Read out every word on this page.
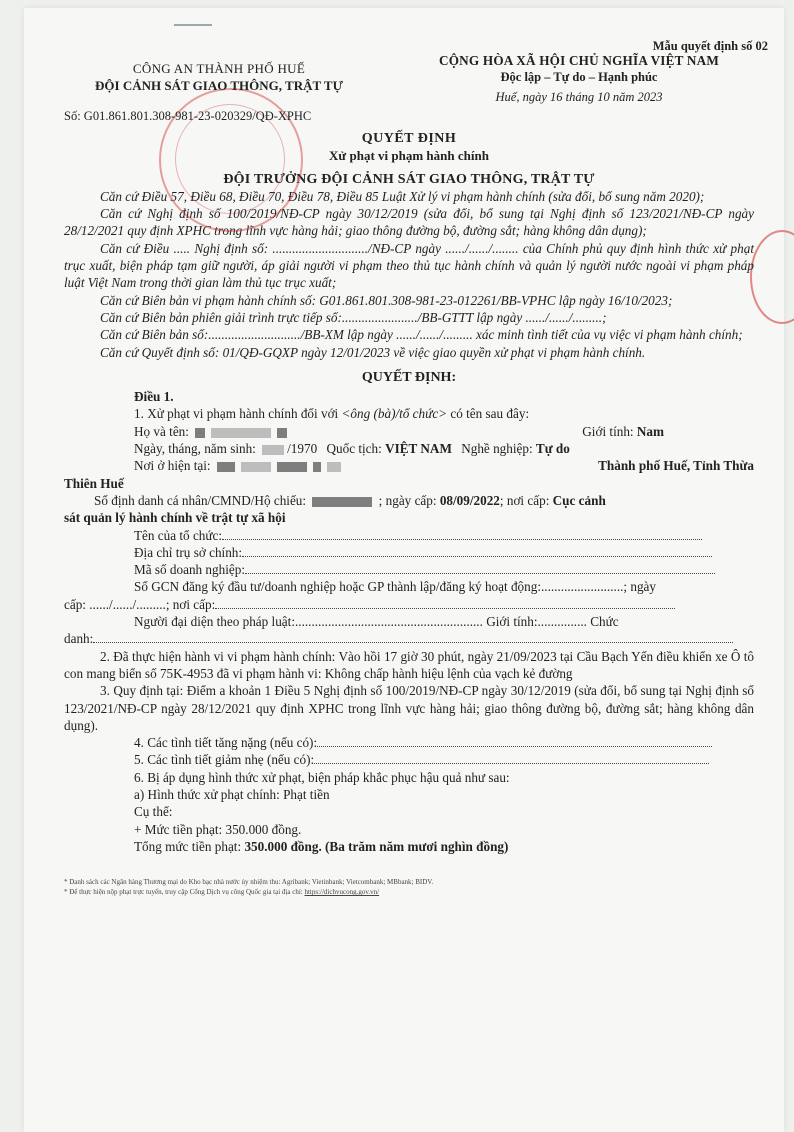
Mẫu quyết định số 02
CÔNG AN THÀNH PHỐ HUẾ
ĐỘI CẢNH SÁT GIAO THÔNG, TRẬT TỰ
Số: G01.861.801.308-981-23-020329/QĐ-XPHC
CỘNG HÒA XÃ HỘI CHỦ NGHĨA VIỆT NAM
Độc lập – Tự do – Hạnh phúc
Huế, ngày 16 tháng 10 năm 2023
QUYẾT ĐỊNH
Xử phạt vi phạm hành chính
ĐỘI TRƯỞNG ĐỘI CẢNH SÁT GIAO THÔNG, TRẬT TỰ
Căn cứ Điều 57, Điều 68, Điều 70, Điều 78, Điều 85 Luật Xử lý vi phạm hành chính (sửa đổi, bổ sung năm 2020);
Căn cứ Nghị định số 100/2019/NĐ-CP ngày 30/12/2019 (sửa đổi, bổ sung tại Nghị định số 123/2021/NĐ-CP ngày 28/12/2021 quy định XPHC trong lĩnh vực hàng hải; giao thông đường bộ, đường sắt; hàng không dân dụng);
Căn cứ Điều ..... Nghị định số: ............................./NĐ-CP ngày ....../....../........ của Chính phủ quy định hình thức xử phạt trục xuất, biện pháp tạm giữ người, áp giải người vi phạm theo thủ tục hành chính và quản lý người nước ngoài vi phạm pháp luật Việt Nam trong thời gian làm thủ tục trục xuất;
Căn cứ Biên bản vi phạm hành chính số: G01.861.801.308-981-23-012261/BB-VPHC lập ngày 16/10/2023;
Căn cứ Biên bản phiên giải trình trực tiếp số:......................./BB-GTTT lập ngày ....../....../.........;
Căn cứ Biên bản số:............................/BB-XM lập ngày ....../....../......... xác minh tình tiết của vụ việc vi phạm hành chính;
Căn cứ Quyết định số: 01/QĐ-GQXP ngày 12/01/2023 về việc giao quyền xử phạt vi phạm hành chính.
QUYẾT ĐỊNH:
Điều 1.
1. Xử phạt vi phạm hành chính đối với <ông (bà)/tổ chức> có tên sau đây:
Họ và tên:	Giới tính: Nam
Ngày, tháng, năm sinh: /1970 Quốc tịch: VIỆT NAM Nghề nghiệp: Tự do
Nơi ở hiện tại:	Thành phố Huế, Tỉnh Thừa
Thiên Huế
Số định danh cá nhân/CMND/Hộ chiếu:	; ngày cấp: 08/09/2022; nơi cấp: Cục cảnh
sát quản lý hành chính về trật tự xã hội
Tên của tổ chức:
Địa chỉ trụ sở chính:
Mã số doanh nghiệp:
Số GCN đăng ký đầu tư/doanh nghiệp hoặc GP thành lập/đăng ký hoạt động:.........................; ngày
cấp: ....../....../.........; nơi cấp:
Người đại diện theo pháp luật:......................................................... Giới tính:............... Chức
danh:
2. Đã thực hiện hành vi vi phạm hành chính: Vào hồi 17 giờ 30 phút, ngày 21/09/2023 tại Cầu Bạch Yến điều khiển xe Ô tô con mang biển số 75K-4953 đã vi phạm hành vi: Không chấp hành hiệu lệnh của vạch kẻ đường
3. Quy định tại: Điểm a khoản 1 Điều 5 Nghị định số 100/2019/NĐ-CP ngày 30/12/2019 (sửa đổi, bổ sung tại Nghị định số 123/2021/NĐ-CP ngày 28/12/2021 quy định XPHC trong lĩnh vực hàng hải; giao thông đường bộ, đường sắt; hàng không dân dụng).
4. Các tình tiết tăng nặng (nếu có):
5. Các tình tiết giảm nhẹ (nếu có):
6. Bị áp dụng hình thức xử phạt, biện pháp khắc phục hậu quả như sau:
a) Hình thức xử phạt chính: Phạt tiền
Cụ thể:
+ Mức tiền phạt: 350.000 đồng.
Tổng mức tiền phạt: 350.000 đồng. (Ba trăm năm mươi nghìn đồng)
* Danh sách các Ngân hàng Thương mại do Kho bạc nhà nước ủy nhiệm thu: Agribank; Vietinbank; Vietcombank; MBbank; BIDV.
* Để thực hiện nộp phạt trực tuyến, truy cập Cổng Dịch vụ công Quốc gia tại địa chỉ: https://dichvucong.gov.vn/
